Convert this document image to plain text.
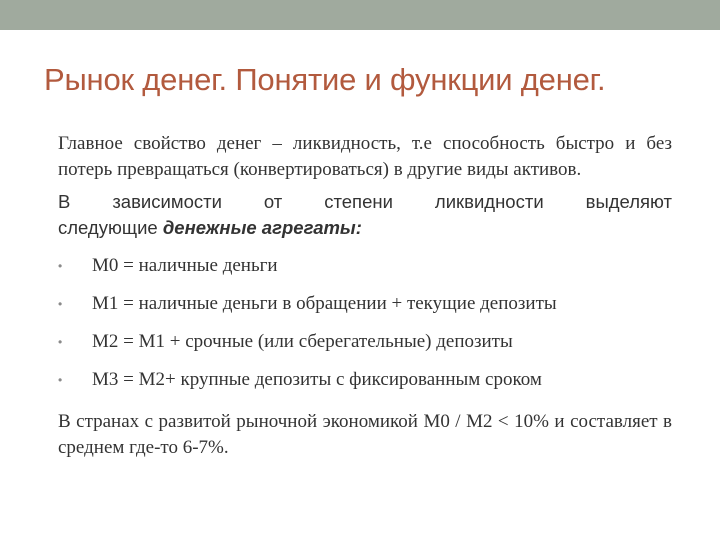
Рынок денег. Понятие и функции денег.

Главное свойство денег – ликвидность, т.е способность быстро и без потерь превращаться (конвертироваться) в другие виды активов.

В зависимости от степени ликвидности выделяют
следующие денежные агрегаты:
• М0 = наличные деньги
• М1 = наличные деньги в обращении + текущие депозиты
• М2 = М1 + срочные (или сберегательные) депозиты
• М3 = М2+ крупные депозиты с фиксированным сроком

В странах с развитой рыночной экономикой М0 / М2 < 10% и составляет в среднем где-то 6-7%.
